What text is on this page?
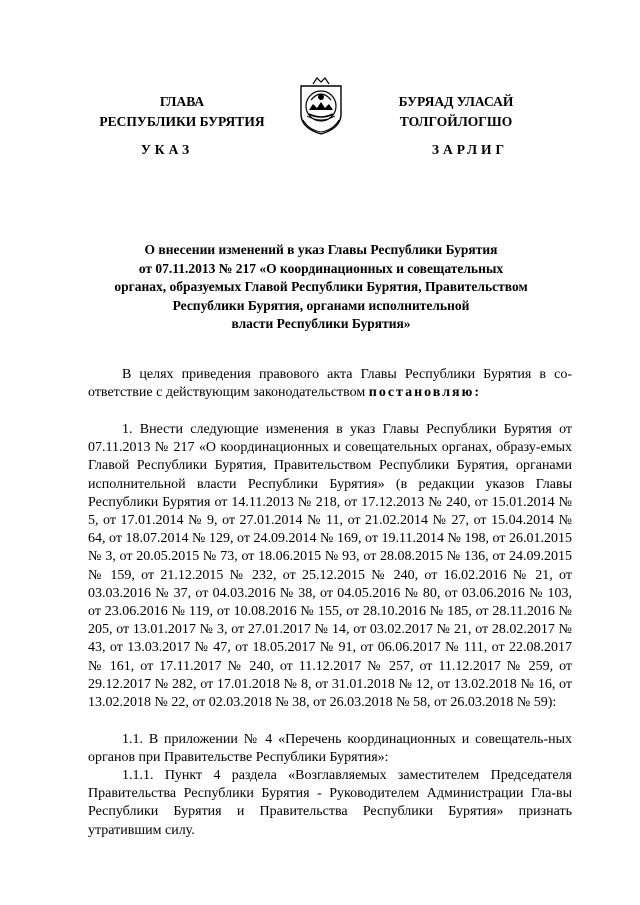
ГЛАВА
РЕСПУБЛИКИ БУРЯТИЯ
БУРЯАД УЛАСАЙ
ТОЛГОЙЛОГШО
УКАЗ	ЗАРЛИГ
О внесении изменений в указ Главы Республики Бурятия
от 07.11.2013 № 217 «О координационных и совещательных
органах, образуемых Главой Республики Бурятия, Правительством
Республики Бурятия, органами исполнительной
власти Республики Бурятия»

В целях приведения правового акта Главы Республики Бурятия в со-ответствие с действующим законодательством постановляю:

1. Внести следующие изменения в указ Главы Республики Бурятия от 07.11.2013 № 217 «О координационных и совещательных органах, образу-емых Главой Республики Бурятия, Правительством Республики Бурятия, органами исполнительной власти Республики Бурятия» (в редакции указов Главы Республики Бурятия от 14.11.2013 № 218, от 17.12.2013 № 240, от 15.01.2014 № 5, от 17.01.2014 № 9, от 27.01.2014 № 11, от 21.02.2014 № 27, от 15.04.2014 № 64, от 18.07.2014 № 129, от 24.09.2014 № 169, от 19.11.2014 № 198, от 26.01.2015 № 3, от 20.05.2015 № 73, от 18.06.2015 № 93, от 28.08.2015 № 136, от 24.09.2015 № 159, от 21.12.2015 № 232, от 25.12.2015 № 240, от 16.02.2016 № 21, от 03.03.2016 № 37, от 04.03.2016 № 38, от 04.05.2016 № 80, от 03.06.2016 № 103, от 23.06.2016 № 119, от 10.08.2016 № 155, от 28.10.2016 № 185, от 28.11.2016 № 205, от 13.01.2017 № 3, от 27.01.2017 № 14, от 03.02.2017 № 21, от 28.02.2017 № 43, от 13.03.2017 № 47, от 18.05.2017 № 91, от 06.06.2017 № 111, от 22.08.2017 № 161, от 17.11.2017 № 240, от 11.12.2017 № 257, от 11.12.2017 № 259, от 29.12.2017 № 282, от 17.01.2018 № 8, от 31.01.2018 № 12, от 13.02.2018 № 16, от 13.02.2018 № 22, от 02.03.2018 № 38, от 26.03.2018 № 58, от 26.03.2018 № 59):

1.1. В приложении № 4 «Перечень координационных и совещатель-ных органов при Правительстве Республики Бурятия»:

1.1.1. Пункт 4 раздела «Возглавляемых заместителем Председателя Правительства Республики Бурятия - Руководителем Администрации Гла-вы Республики Бурятия и Правительства Республики Бурятия» признать утратившим силу.
